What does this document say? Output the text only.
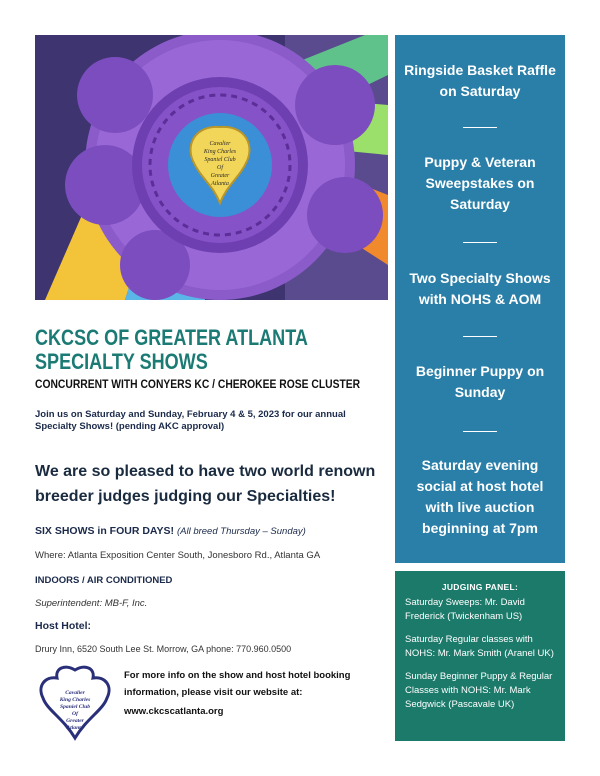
Cavalier
King Charles
Spaniel Club
Of
Greater
Atlanta
Ringside Basket Raffle on Saturday
Puppy & Veteran Sweepstakes on Saturday
Two Specialty Shows with NOHS & AOM
Beginner Puppy on Sunday
Saturday evening social at host hotel with live auction beginning at 7pm
JUDGING PANEL:
Saturday Sweeps: Mr. David Frederick (Twickenham US)
Saturday Regular classes with NOHS: Mr. Mark Smith (Aranel UK)
Sunday Beginner Puppy & Regular Classes with NOHS: Mr. Mark Sedgwick (Pascavale UK)
CKCSC OF GREATER ATLANTA
SPECIALTY SHOWS
CONCURRENT WITH CONYERS KC / CHEROKEE ROSE CLUSTER
Join us on Saturday and Sunday, February 4 & 5, 2023 for our annual Specialty Shows! (pending AKC approval)
We are so pleased to have two world renown breeder judges judging our Specialties!
SIX SHOWS in FOUR DAYS! (All breed Thursday – Sunday)
Where: Atlanta Exposition Center South, Jonesboro Rd., Atlanta GA
INDOORS / AIR CONDITIONED
Superintendent: MB-F, Inc.
Host Hotel:
Drury Inn, 6520 South Lee St. Morrow, GA phone: 770.960.0500
Cavalier
King Charles
Spaniel Club
Of
Greater
Atlanta
For more info on the show and host hotel booking information, please visit our website at:
www.ckcscatlanta.org
